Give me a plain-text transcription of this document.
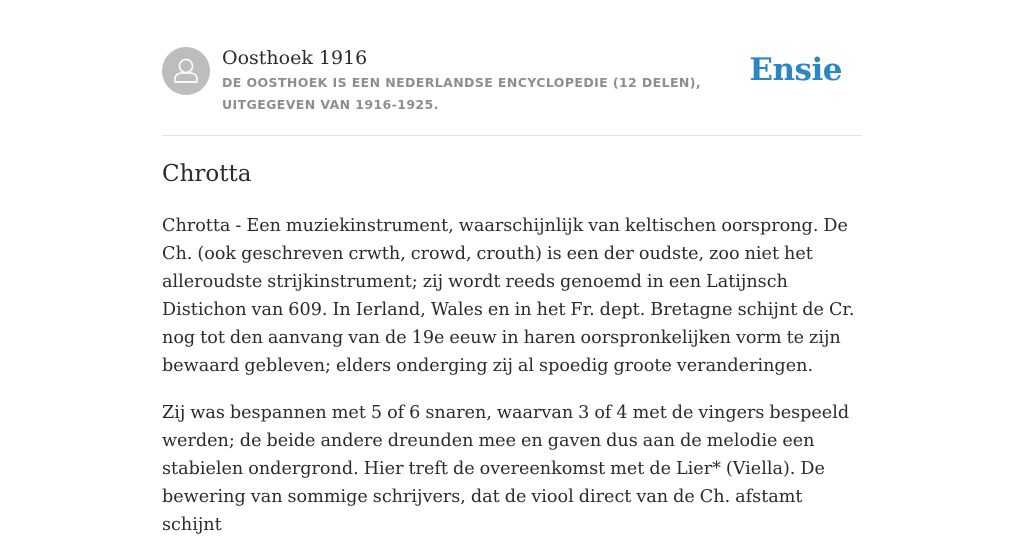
Oosthoek 1916

DE OOSTHOEK IS EEN NEDERLANDSE ENCYCLOPEDIE (12 DELEN), UITGEGEVEN VAN 1916-1925.

Ensie
Chrotta

Chrotta - Een muziekinstrument, waarschijnlijk van keltischen oorsprong. De Ch. (ook geschreven crwth, crowd, crouth) is een der oudste, zoo niet het alleroudste strijkinstrument; zij wordt reeds genoemd in een Latijnsch Distichon van 609. In Ierland, Wales en in het Fr. dept. Bretagne schijnt de Cr. nog tot den aanvang van de 19e eeuw in haren oorspronkelijken vorm te zijn bewaard gebleven; elders onderging zij al spoedig groote veranderingen.

Zij was bespannen met 5 of 6 snaren, waarvan 3 of 4 met de vingers bespeeld werden; de beide andere dreunden mee en gaven dus aan de melodie een stabielen ondergrond. Hier treft de overeenkomst met de Lier* (Viella). De bewering van sommige schrijvers, dat de viool direct van de Ch. afstamt schijnt
